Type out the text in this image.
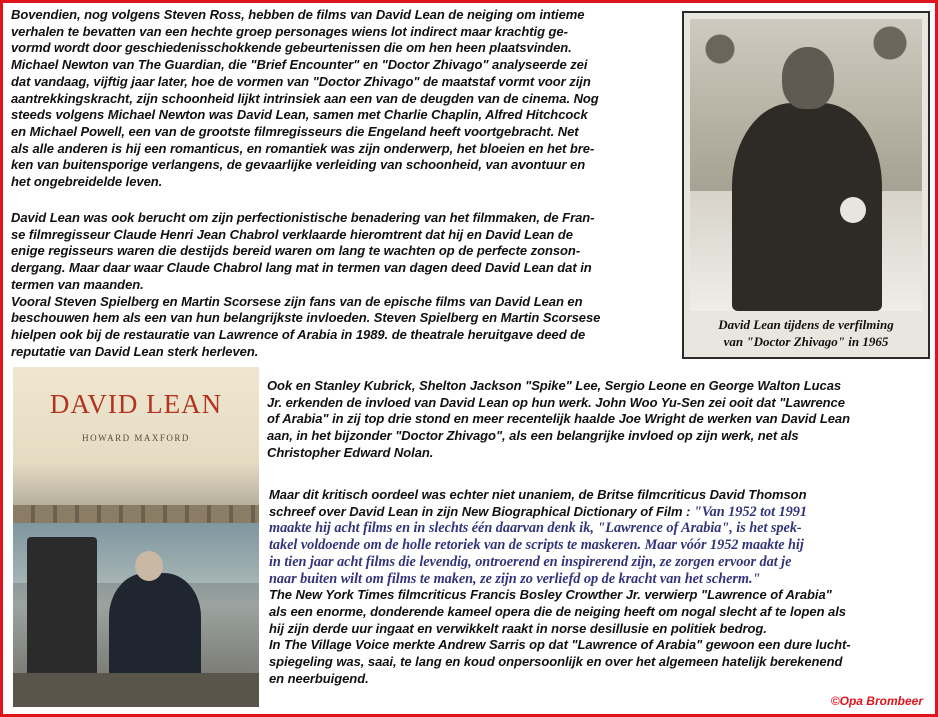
Bovendien, nog volgens Steven Ross, hebben de films van David Lean de neiging om intieme
verhalen te bevatten van een hechte groep personages wiens lot indirect maar krachtig ge-
vormd wordt door geschiedenisschokkende gebeurtenissen die om hen heen plaatsvinden.
Michael Newton van The Guardian, die "Brief Encounter" en "Doctor Zhivago" analyseerde zei
dat vandaag, vijftig jaar later, hoe de vormen van "Doctor Zhivago" de maatstaf vormt voor zijn
aantrekkingskracht, zijn schoonheid lijkt intrinsiek aan een van de deugden van de cinema. Nog
steeds volgens Michael Newton was David Lean, samen met Charlie Chaplin, Alfred Hitchcock
en Michael Powell, een van de grootste filmregisseurs die Engeland heeft voortgebracht. Net
als alle anderen is hij een romanticus, en romantiek was zijn onderwerp, het bloeien en het bre-
ken van buitensporige verlangens, de gevaarlijke verleiding van schoonheid, van avontuur en
het ongebreidelde leven.
David Lean was ook berucht om zijn perfectionistische benadering van het filmmaken, de Fran-
se filmregisseur Claude Henri Jean Chabrol verklaarde hieromtrent dat hij en David Lean de
enige regisseurs waren die destijds bereid waren om lang te wachten op de perfecte zonson-
dergang. Maar daar waar Claude Chabrol lang mat in termen van dagen deed David Lean dat in
termen van maanden.
Vooral Steven Spielberg en Martin Scorsese zijn fans van de epische films van David Lean en
beschouwen hem als een van hun belangrijkste invloeden. Steven Spielberg en Martin Scorsese
hielpen ook bij de restauratie van Lawrence of Arabia in 1989. de theatrale heruitgave deed de
reputatie van David Lean sterk herleven.
David Lean tijdens de verfilming
van "Doctor Zhivago" in 1965
DAVID LEAN
HOWARD MAXFORD
Ook en Stanley Kubrick, Shelton Jackson "Spike" Lee, Sergio Leone en George Walton Lucas
Jr. erkenden de invloed van David Lean op hun werk. John Woo Yu-Sen zei ooit dat "Lawrence
of Arabia" in zij top drie stond en meer recentelijk haalde Joe Wright de werken van David Lean
aan, in het bijzonder "Doctor Zhivago", als een belangrijke invloed op zijn werk, net als
Christopher Edward Nolan.
Maar dit kritisch oordeel was echter niet unaniem, de Britse filmcriticus David Thomson
schreef over David Lean in zijn New Biographical Dictionary of Film : "Van 1952 tot 1991
maakte hij acht films en in slechts één daarvan denk ik, "Lawrence of Arabia", is het spek-
takel voldoende om de holle retoriek van de scripts te maskeren. Maar vóór 1952 maakte hij
in tien jaar acht films die levendig, ontroerend en inspirerend zijn, ze zorgen ervoor dat je
naar buiten wilt om films te maken, ze zijn zo verliefd op de kracht van het scherm."
The New York Times filmcriticus Francis Bosley Crowther Jr. verwierp "Lawrence of Arabia"
als een enorme, donderende kameel opera die de neiging heeft om nogal slecht af te lopen als
hij zijn derde uur ingaat en verwikkelt raakt in norse desillusie en politiek bedrog.
In The Village Voice merkte Andrew Sarris op dat "Lawrence of Arabia" gewoon een dure lucht-
spiegeling was, saai, te lang en koud onpersoonlijk en over het algemeen hatelijk berekenend
en neerbuigend.
©Opa Brombeer
